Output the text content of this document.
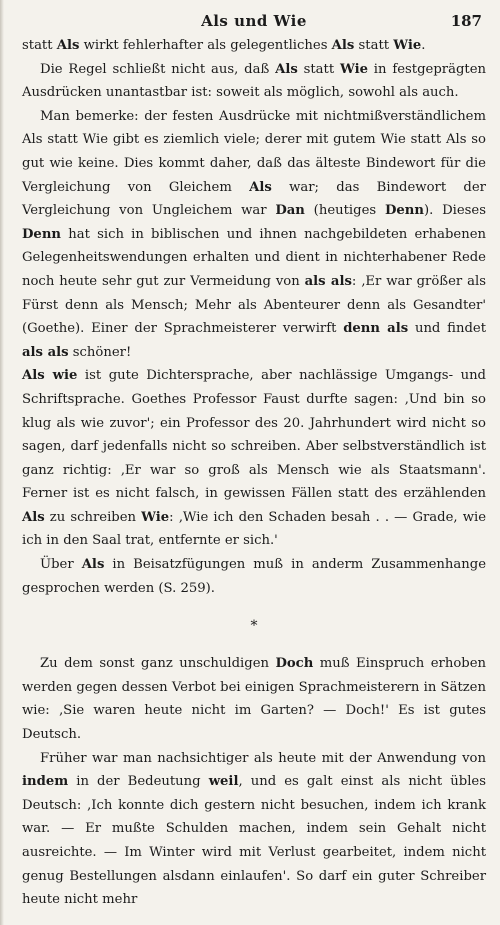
Als und Wie	187

statt Als wirkt fehlerhafter als gelegentliches Als statt Wie.

Die Regel schließt nicht aus, daß Als statt Wie in festgeprägten Ausdrücken unantastbar ist: soweit als möglich, sowohl als auch.

Man bemerke: der festen Ausdrücke mit nichtmißverständlichem Als statt Wie gibt es ziemlich viele; derer mit gutem Wie statt Als so gut wie keine. Dies kommt daher, daß das älteste Bindewort für die Vergleichung von Gleichem Als war; das Bindewort der Vergleichung von Ungleichem war Dan (heutiges Denn). Dieses Denn hat sich in biblischen und ihnen nachgebildeten erhabenen Gelegenheitswendungen erhalten und dient in nichterhabener Rede noch heute sehr gut zur Vermeidung von als als: ‚Er war größer als Fürst denn als Mensch; Mehr als Abenteurer denn als Gesandter' (Goethe). Einer der Sprachmeisterer verwirft denn als und findet als als schöner!

Als wie ist gute Dichtersprache, aber nachlässige Umgangs- und Schriftsprache. Goethes Professor Faust durfte sagen: ‚Und bin so klug als wie zuvor'; ein Professor des 20. Jahrhundert wird nicht so sagen, darf jedenfalls nicht so schreiben. Aber selbstverständlich ist ganz richtig: ‚Er war so groß als Mensch wie als Staatsmann'. Ferner ist es nicht falsch, in gewissen Fällen statt des erzählenden Als zu schreiben Wie: ‚Wie ich den Schaden besah . . — Grade, wie ich in den Saal trat, entfernte er sich.'

Über Als in Beisatzfügungen muß in anderm Zusammenhange gesprochen werden (S. 259).

*

Zu dem sonst ganz unschuldigen Doch muß Einspruch erhoben werden gegen dessen Verbot bei einigen Sprachmeisterern in Sätzen wie: ‚Sie waren heute nicht im Garten? — Doch!' Es ist gutes Deutsch.

Früher war man nachsichtiger als heute mit der Anwendung von indem in der Bedeutung weil, und es galt einst als nicht übles Deutsch: ‚Ich konnte dich gestern nicht besuchen, indem ich krank war. — Er mußte Schulden machen, indem sein Gehalt nicht ausreichte. — Im Winter wird mit Verlust gearbeitet, indem nicht genug Bestellungen alsdann einlaufen'. So darf ein guter Schreiber heute nicht mehr
